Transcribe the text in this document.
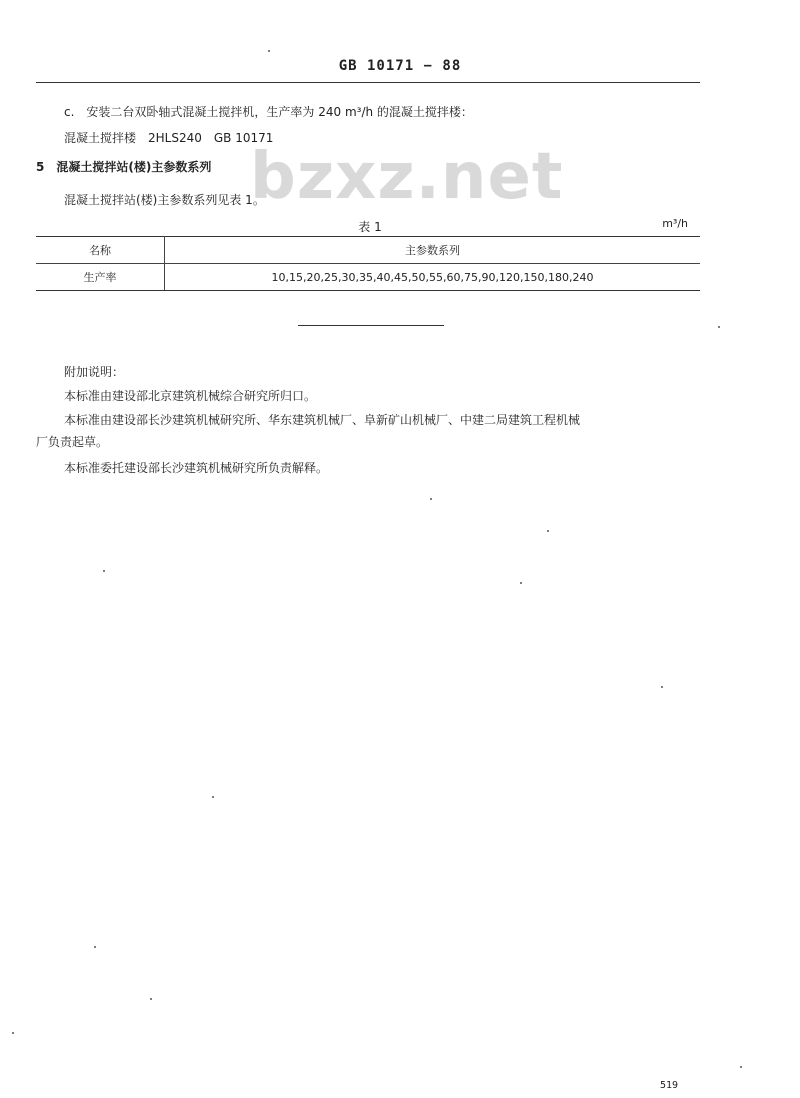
GB 10171 − 88
bzxz.net
c.　安装二台双卧轴式混凝土搅拌机，生产率为 240 m³/h 的混凝土搅拌楼：
混凝土搅拌楼　2HLS240　GB 10171
5　混凝土搅拌站(楼)主参数系列
混凝土搅拌站(楼)主参数系列见表 1。
表 1	m³/h
名称	主参数系列
生产率	10,15,20,25,30,35,40,45,50,55,60,75,90,120,150,180,240
附加说明：
本标准由建设部北京建筑机械综合研究所归口。
本标准由建设部长沙建筑机械研究所、华东建筑机械厂、阜新矿山机械厂、中建二局建筑工程机械
厂负责起草。
本标准委托建设部长沙建筑机械研究所负责解释。
519
